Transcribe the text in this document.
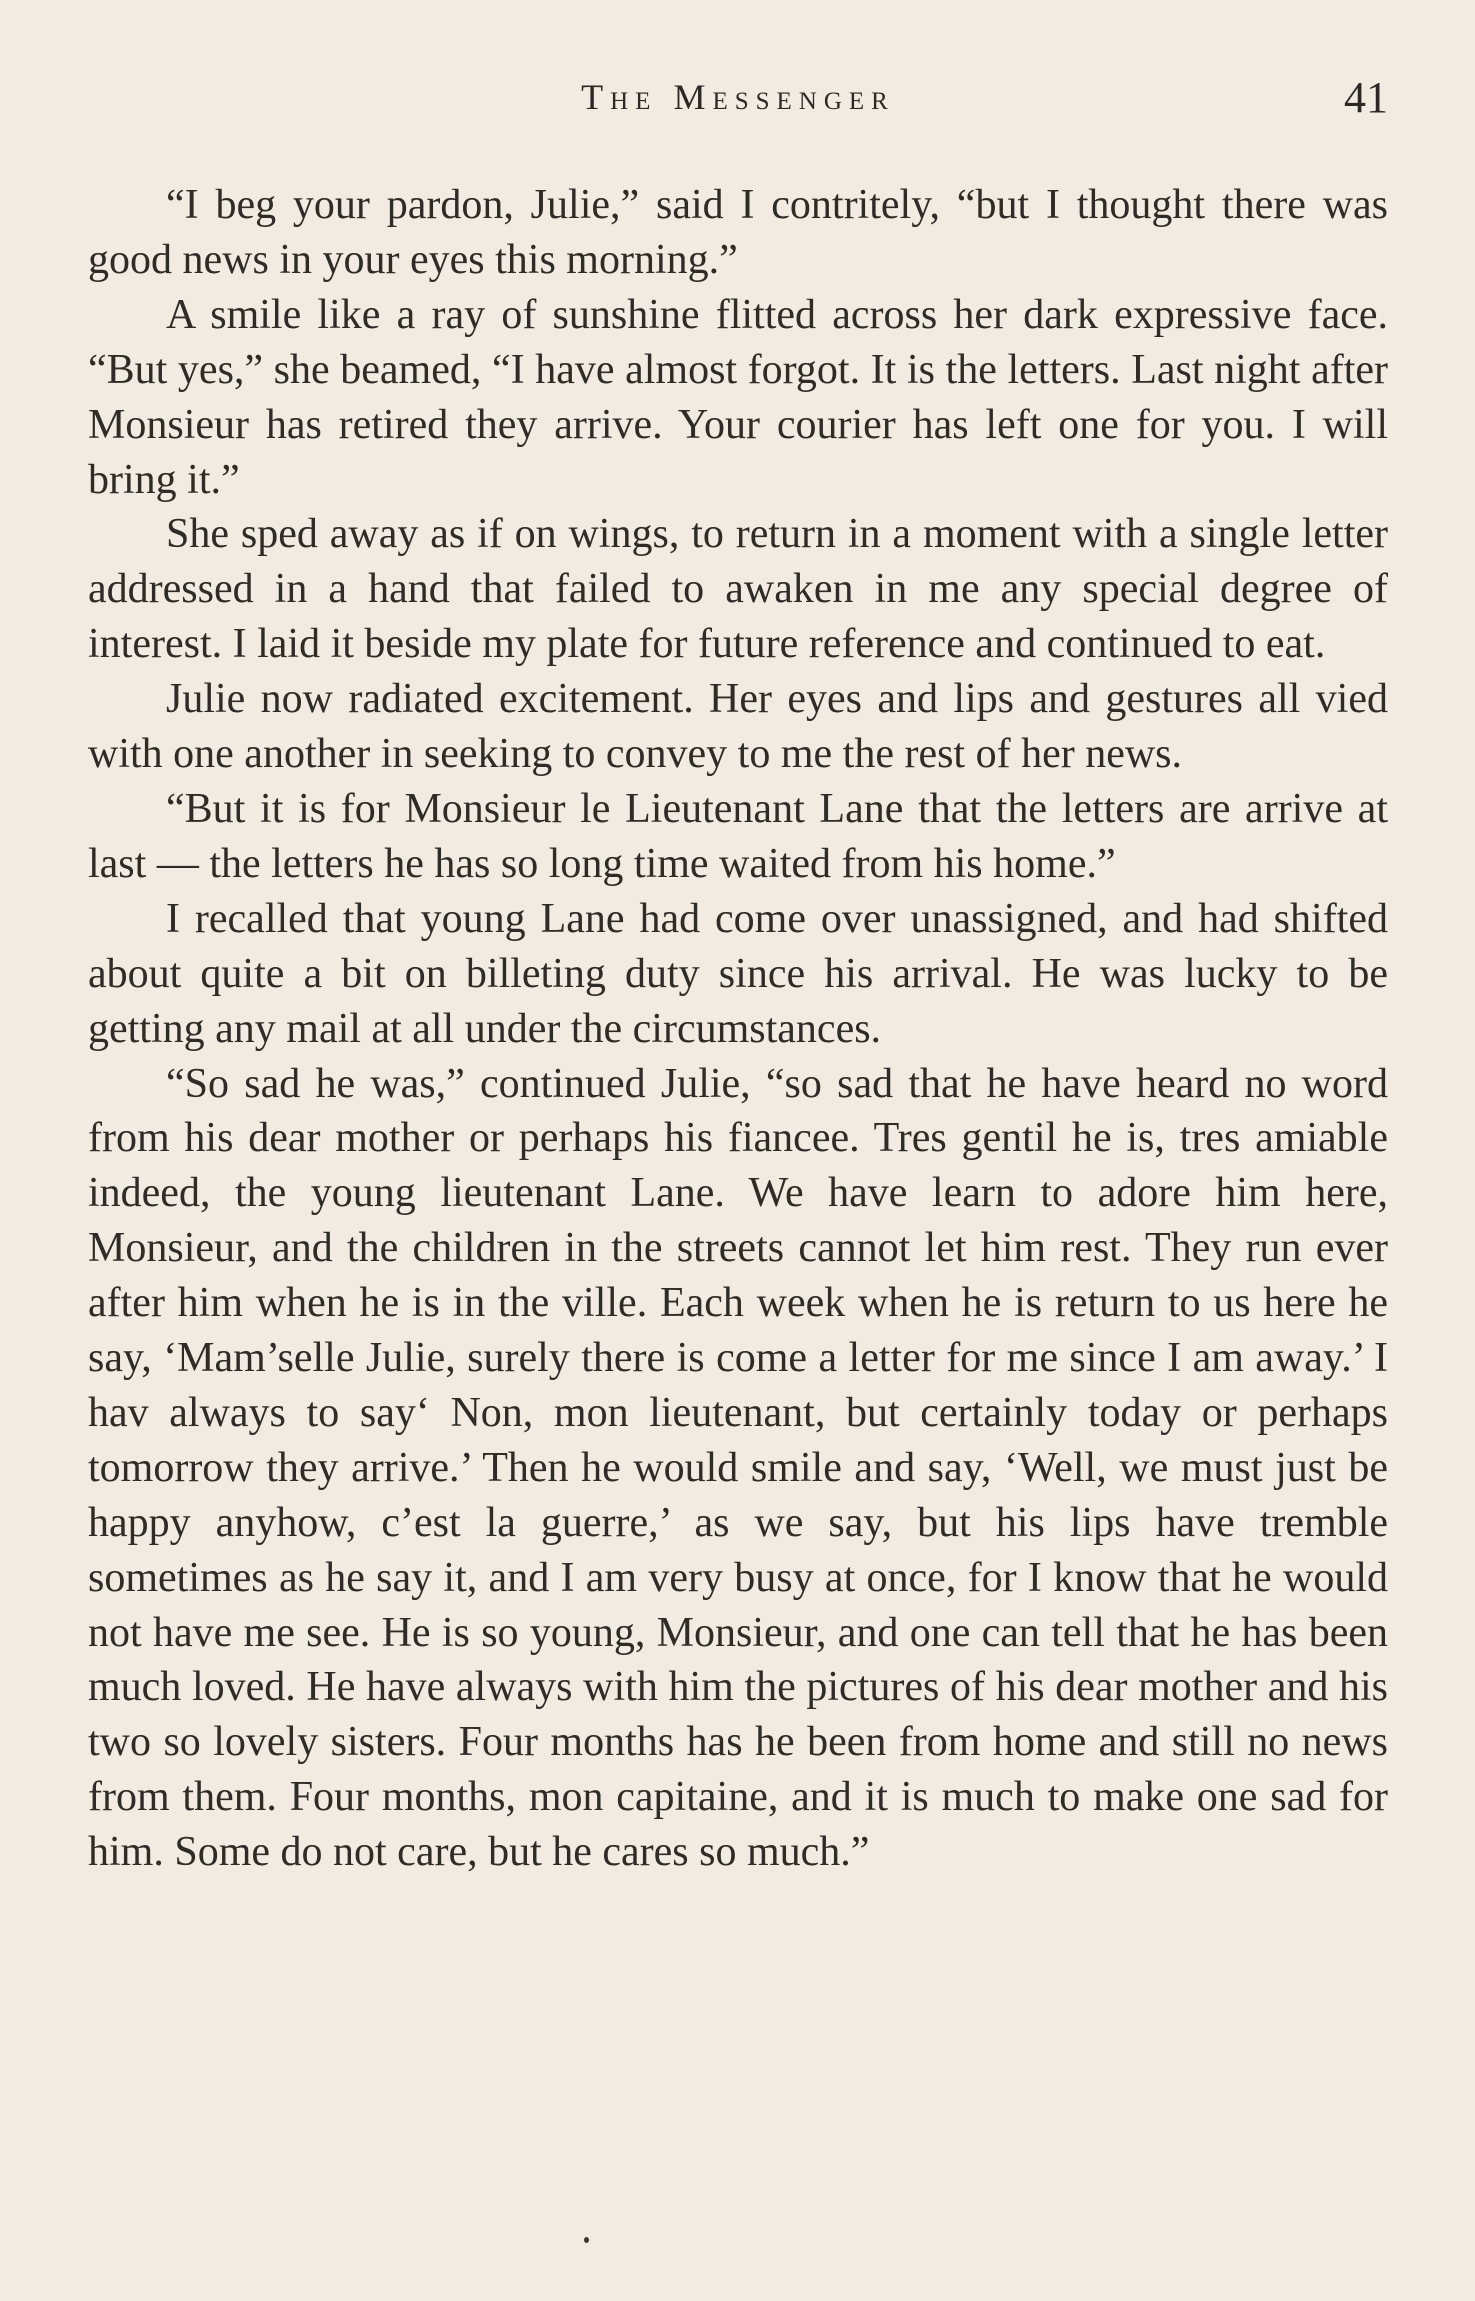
The Messenger	41

“I beg your pardon, Julie,” said I contritely, “but I thought there was good news in your eyes this morning.”

A smile like a ray of sunshine flitted across her dark expressive face. “But yes,” she beamed, “I have almost forgot. It is the letters. Last night after Monsieur has retired they arrive. Your courier has left one for you. I will bring it.”

She sped away as if on wings, to return in a moment with a single letter addressed in a hand that failed to awaken in me any special degree of interest. I laid it beside my plate for future reference and continued to eat.

Julie now radiated excitement. Her eyes and lips and gestures all vied with one another in seeking to convey to me the rest of her news.

“But it is for Monsieur le Lieutenant Lane that the letters are arrive at last — the letters he has so long time waited from his home.”

I recalled that young Lane had come over unassigned, and had shifted about quite a bit on billeting duty since his arrival. He was lucky to be getting any mail at all under the circumstances.

“So sad he was,” continued Julie, “so sad that he have heard no word from his dear mother or perhaps his fiancee. Tres gentil he is, tres amiable indeed, the young lieutenant Lane. We have learn to adore him here, Monsieur, and the children in the streets cannot let him rest. They run ever after him when he is in the ville. Each week when he is return to us here he say, ‘Mam’selle Julie, surely there is come a letter for me since I am away.’ I hav always to say‘ Non, mon lieutenant, but certainly today or perhaps tomorrow they arrive.’ Then he would smile and say, ‘Well, we must just be happy anyhow, c’est la guerre,’ as we say, but his lips have tremble sometimes as he say it, and I am very busy at once, for I know that he would not have me see. He is so young, Monsieur, and one can tell that he has been much loved. He have always with him the pictures of his dear mother and his two so lovely sisters. Four months has he been from home and still no news from them. Four months, mon capitaine, and it is much to make one sad for him. Some do not care, but he cares so much.”
